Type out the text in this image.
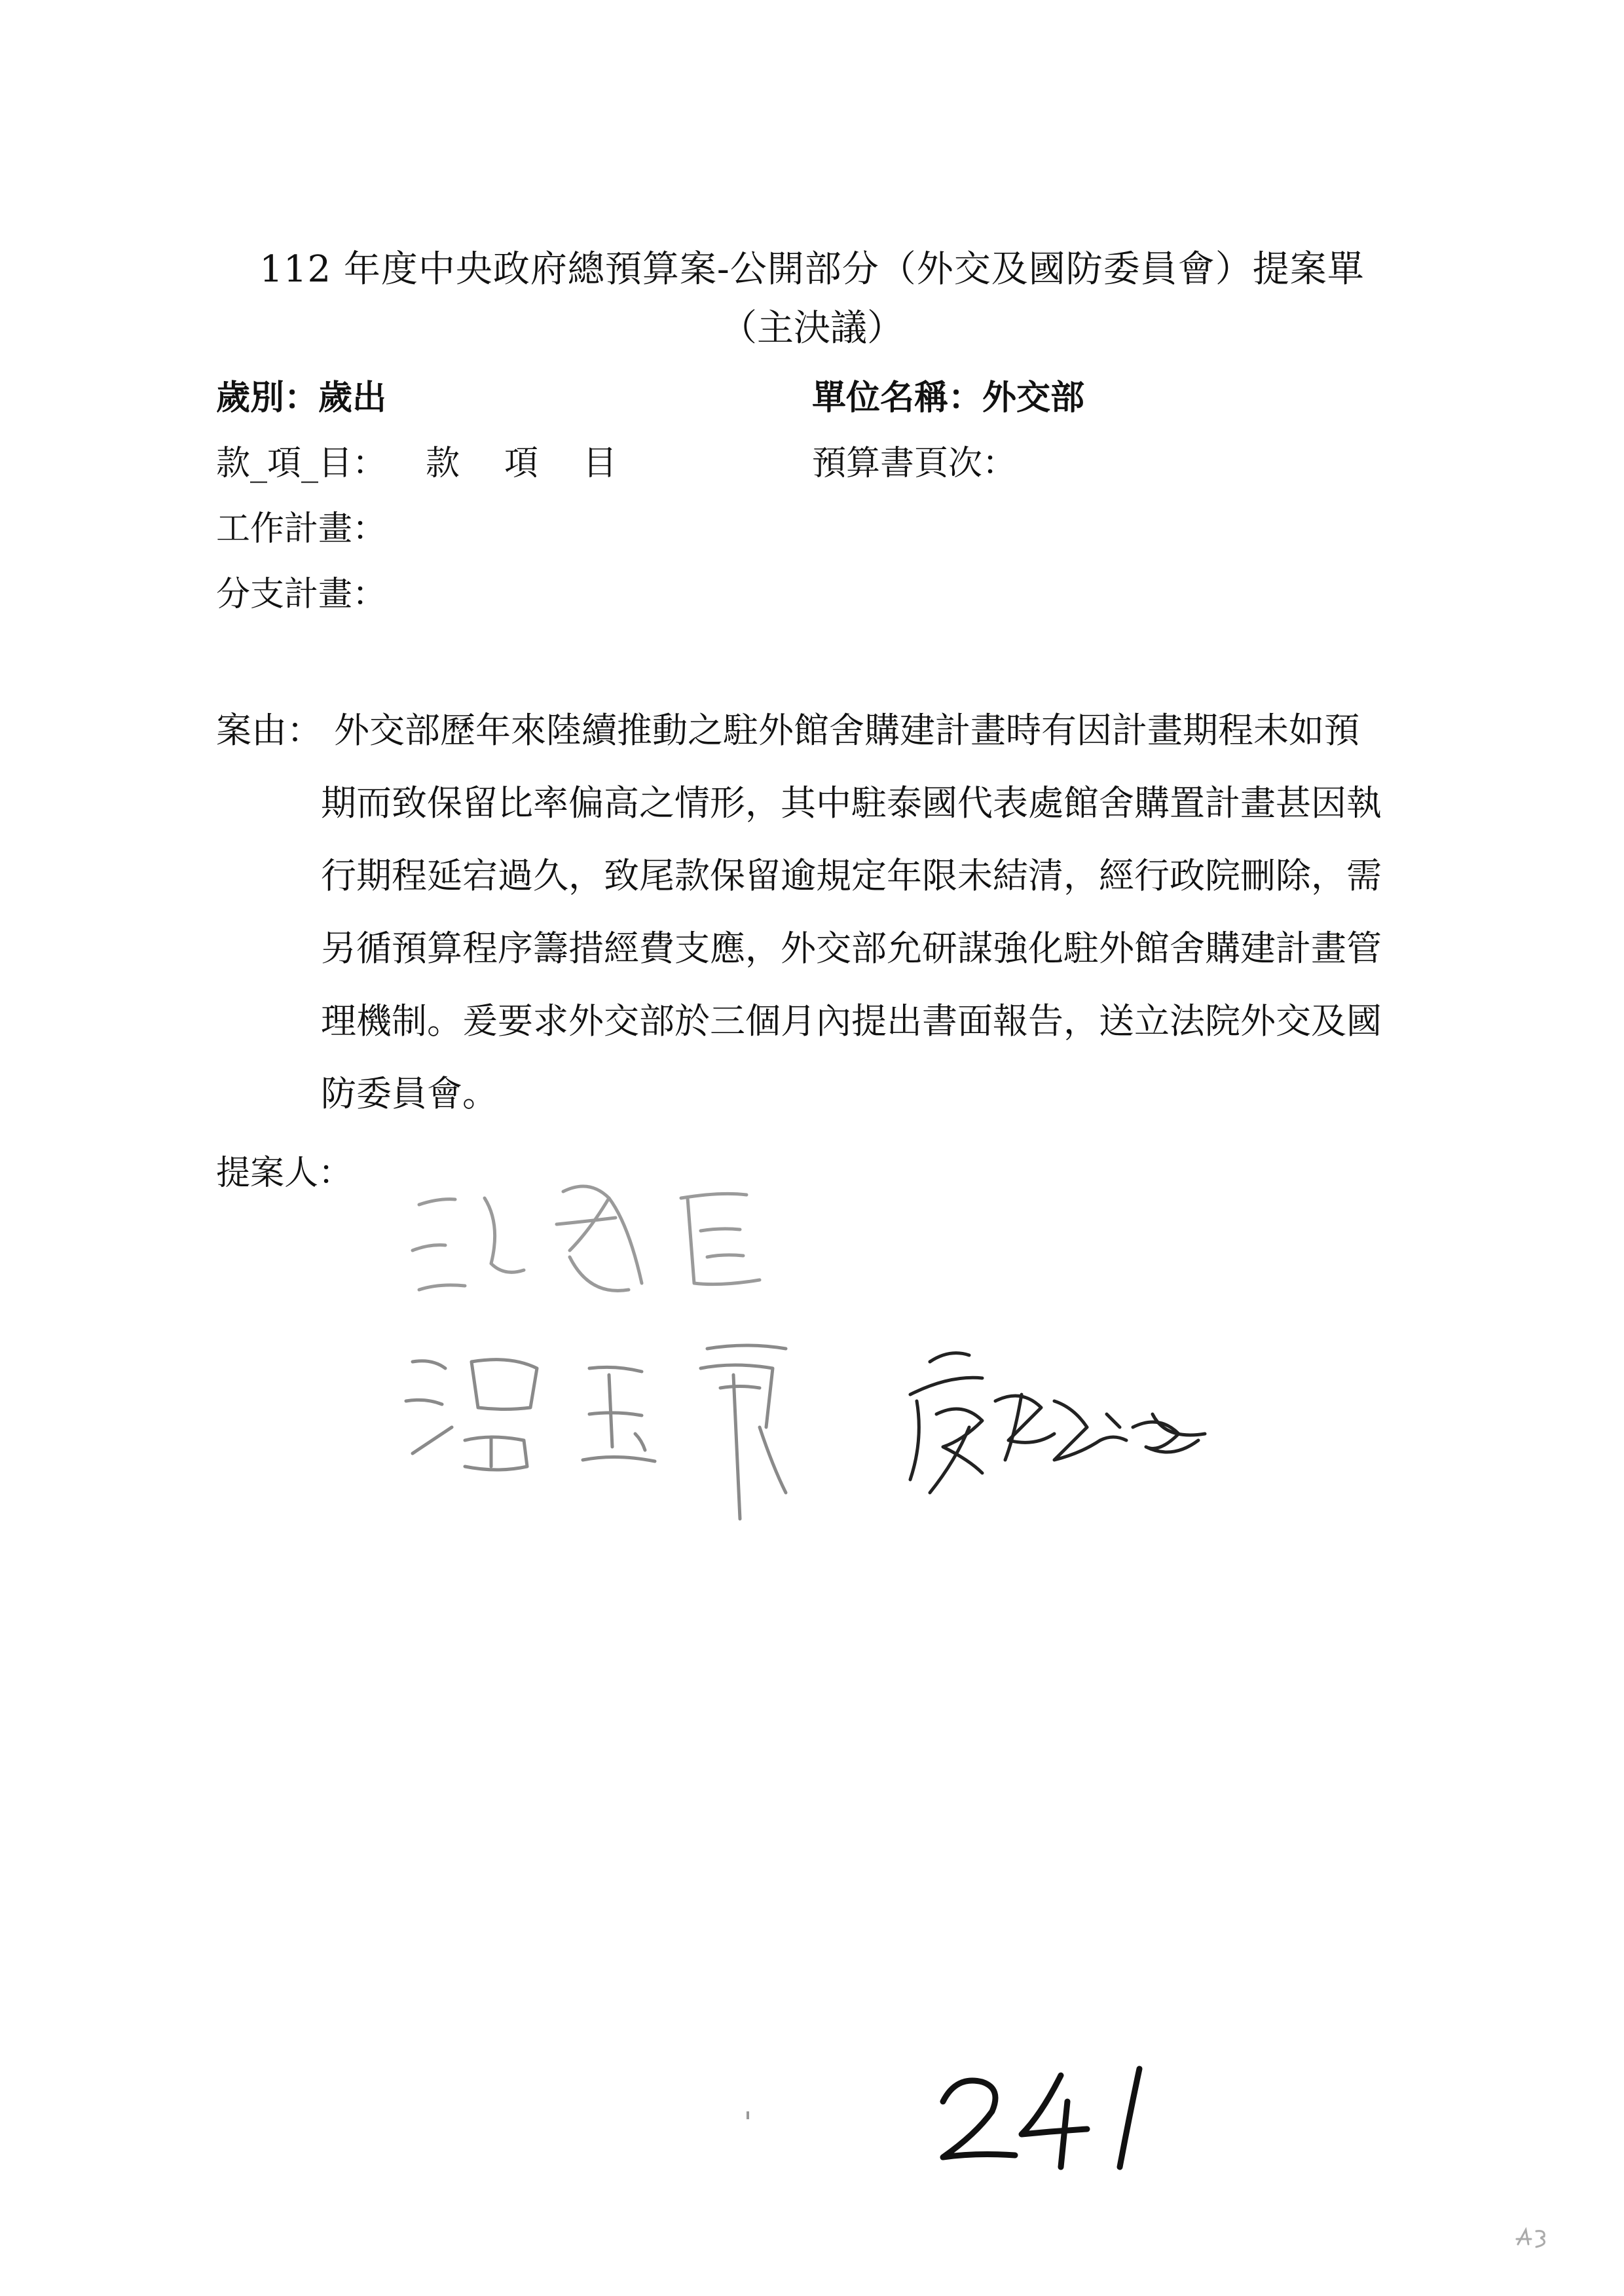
112 年度中央政府總預算案-公開部分（外交及國防委員會）提案單
（主決議）
歲別：歲出	單位名稱：外交部
款_項_目： 款　項　目	預算書頁次：
工作計畫：
分支計畫：
案由： 外交部歷年來陸續推動之駐外館舍購建計畫時有因計畫期程未如預
期而致保留比率偏高之情形，其中駐泰國代表處館舍購置計畫甚因執
行期程延宕過久，致尾款保留逾規定年限未結清，經行政院刪除，需
另循預算程序籌措經費支應，外交部允研謀強化駐外館舍購建計畫管
理機制。爰要求外交部於三個月內提出書面報告，送立法院外交及國
防委員會。
提案人：
